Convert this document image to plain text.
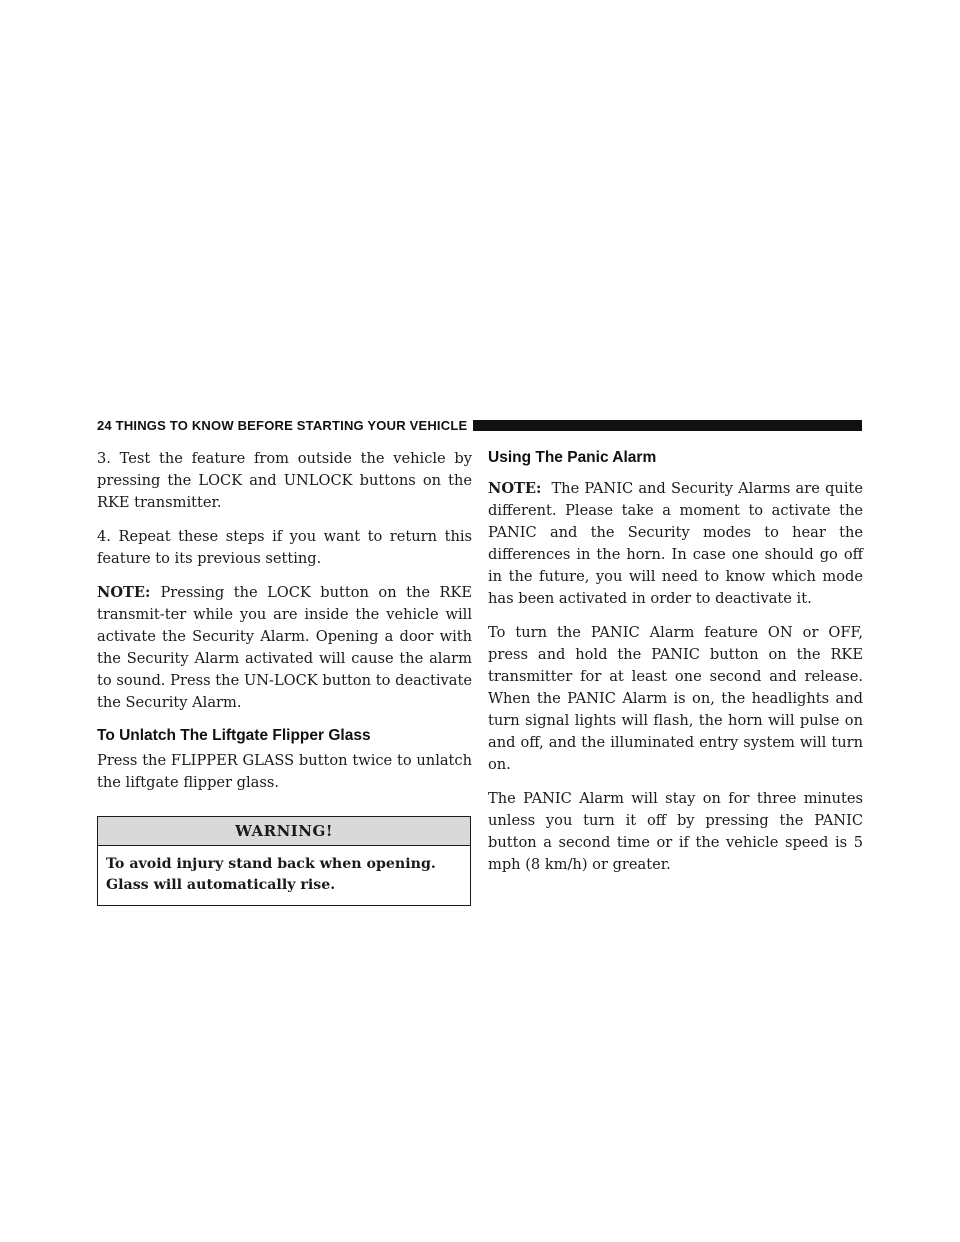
24 THINGS TO KNOW BEFORE STARTING YOUR VEHICLE

3. Test the feature from outside the vehicle by pressing the LOCK and UNLOCK buttons on the RKE transmitter.

4. Repeat these steps if you want to return this feature to its previous setting.

NOTE: Pressing the LOCK button on the RKE transmit-ter while you are inside the vehicle will activate the Security Alarm. Opening a door with the Security Alarm activated will cause the alarm to sound. Press the UN-LOCK button to deactivate the Security Alarm.

To Unlatch The Liftgate Flipper Glass

Press the FLIPPER GLASS button twice to unlatch the liftgate flipper glass.

WARNING!
To avoid injury stand back when opening. Glass will automatically rise.
Using The Panic Alarm

NOTE: The PANIC and Security Alarms are quite different. Please take a moment to activate the PANIC and the Security modes to hear the differences in the horn. In case one should go off in the future, you will need to know which mode has been activated in order to deactivate it.

To turn the PANIC Alarm feature ON or OFF, press and hold the PANIC button on the RKE transmitter for at least one second and release. When the PANIC Alarm is on, the headlights and turn signal lights will flash, the horn will pulse on and off, and the illuminated entry system will turn on.

The PANIC Alarm will stay on for three minutes unless you turn it off by pressing the PANIC button a second time or if the vehicle speed is 5 mph (8 km/h) or greater.
